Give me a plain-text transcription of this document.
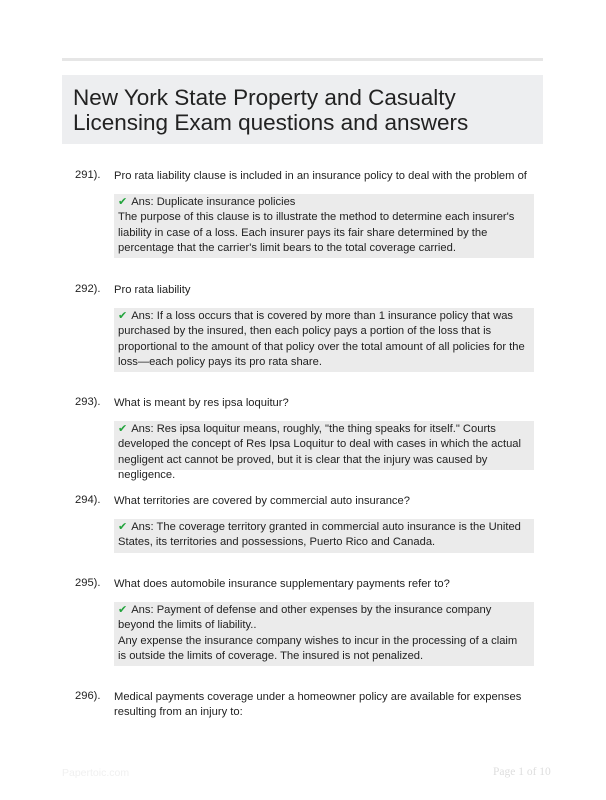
New York State Property and Casualty Licensing Exam questions and answers
291). Pro rata liability clause is included in an insurance policy to deal with the problem of
✔ Ans: Duplicate insurance policies
The purpose of this clause is to illustrate the method to determine each insurer's liability in case of a loss. Each insurer pays its fair share determined by the percentage that the carrier's limit bears to the total coverage carried.
292). Pro rata liability
✔ Ans: If a loss occurs that is covered by more than 1 insurance policy that was purchased by the insured, then each policy pays a portion of the loss that is proportional to the amount of that policy over the total amount of all policies for the loss—each policy pays its pro rata share.
293). What is meant by res ipsa loquitur?
✔ Ans: Res ipsa loquitur means, roughly, "the thing speaks for itself." Courts developed the concept of Res Ipsa Loquitur to deal with cases in which the actual negligent act cannot be proved, but it is clear that the injury was caused by negligence.
294). What territories are covered by commercial auto insurance?
✔ Ans: The coverage territory granted in commercial auto insurance is the United States, its territories and possessions, Puerto Rico and Canada.
295). What does automobile insurance supplementary payments refer to?
✔ Ans: Payment of defense and other expenses by the insurance company beyond the limits of liability..
Any expense the insurance company wishes to incur in the processing of a claim is outside the limits of coverage. The insured is not penalized.
296). Medical payments coverage under a homeowner policy are available for expenses resulting from an injury to:
Papertoic.com	Page 1 of 10
